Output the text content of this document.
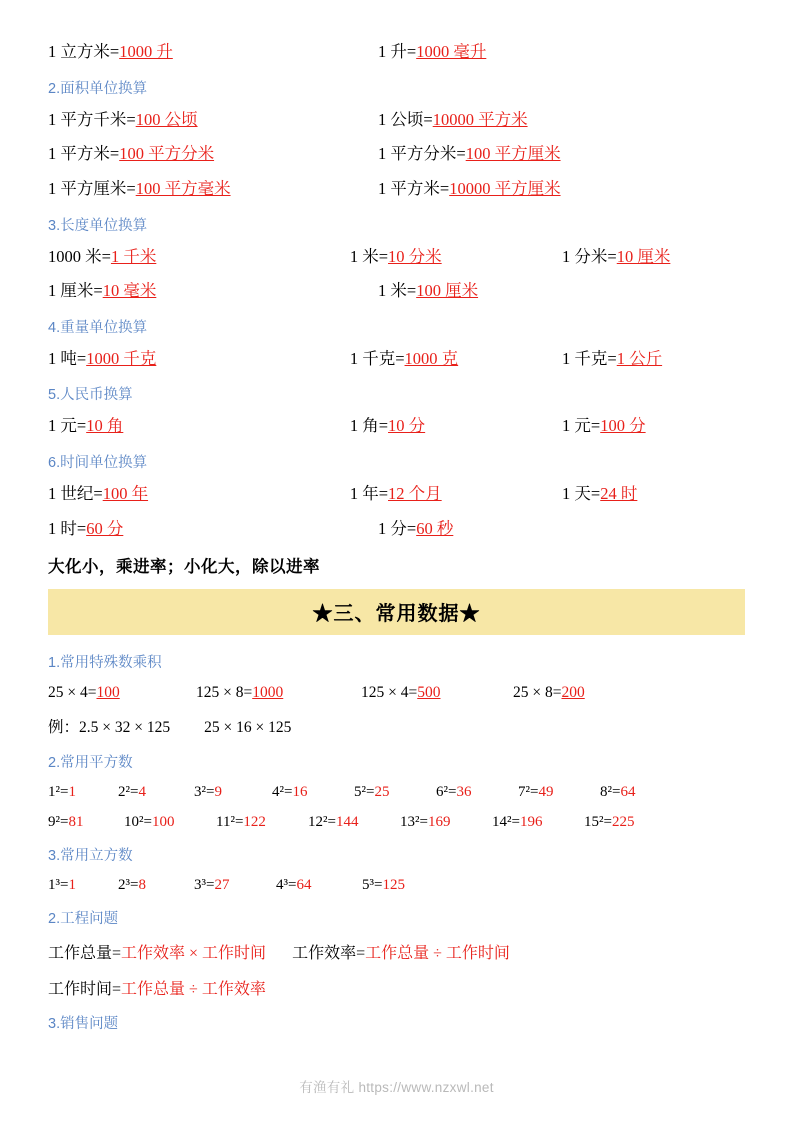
1 立方米=1000 升	1 升=1000 毫升
2.面积单位换算
1 平方千米=100 公顷	1 公顷=10000 平方米
1 平方米=100 平方分米	1 平方分米=100 平方厘米
1 平方厘米=100 平方毫米	1 平方米=10000 平方厘米
3.长度单位换算
1000 米=1 千米	1 米=10 分米	1 分米=10 厘米
1 厘米=10 毫米	1 米=100 厘米
4.重量单位换算
1 吨=1000 千克	1 千克=1000 克	1 千克=1 公斤
5.人民币换算
1 元=10 角	1 角=10 分	1 元=100 分
6.时间单位换算
1 世纪=100 年	1 年=12 个月	1 天=24 时
1 时=60 分	1 分=60 秒
大化小，乘进率；小化大，除以进率
★三、常用数据★
1.常用特殊数乘积
25 × 4=100	125 × 8=1000	125 × 4=500	25 × 8=200
例：2.5 × 32 × 125 25 × 16 × 125
2.常用平方数
1²=1	2²=4	3²=9	4²=16	5²=25	6²=36	7²=49	8²=64
9²=81	10²=100	11²=122	12²=144	13²=169	14²=196	15²=225
3.常用立方数
1³=1	2³=8	3³=27	4³=64	5³=125
2.工程问题
工作总量=工作效率 × 工作时间 工作效率=工作总量 ÷ 工作时间
工作时间=工作总量 ÷ 工作效率
3.销售问题
有渔有礼 https://www.nzxwl.net
